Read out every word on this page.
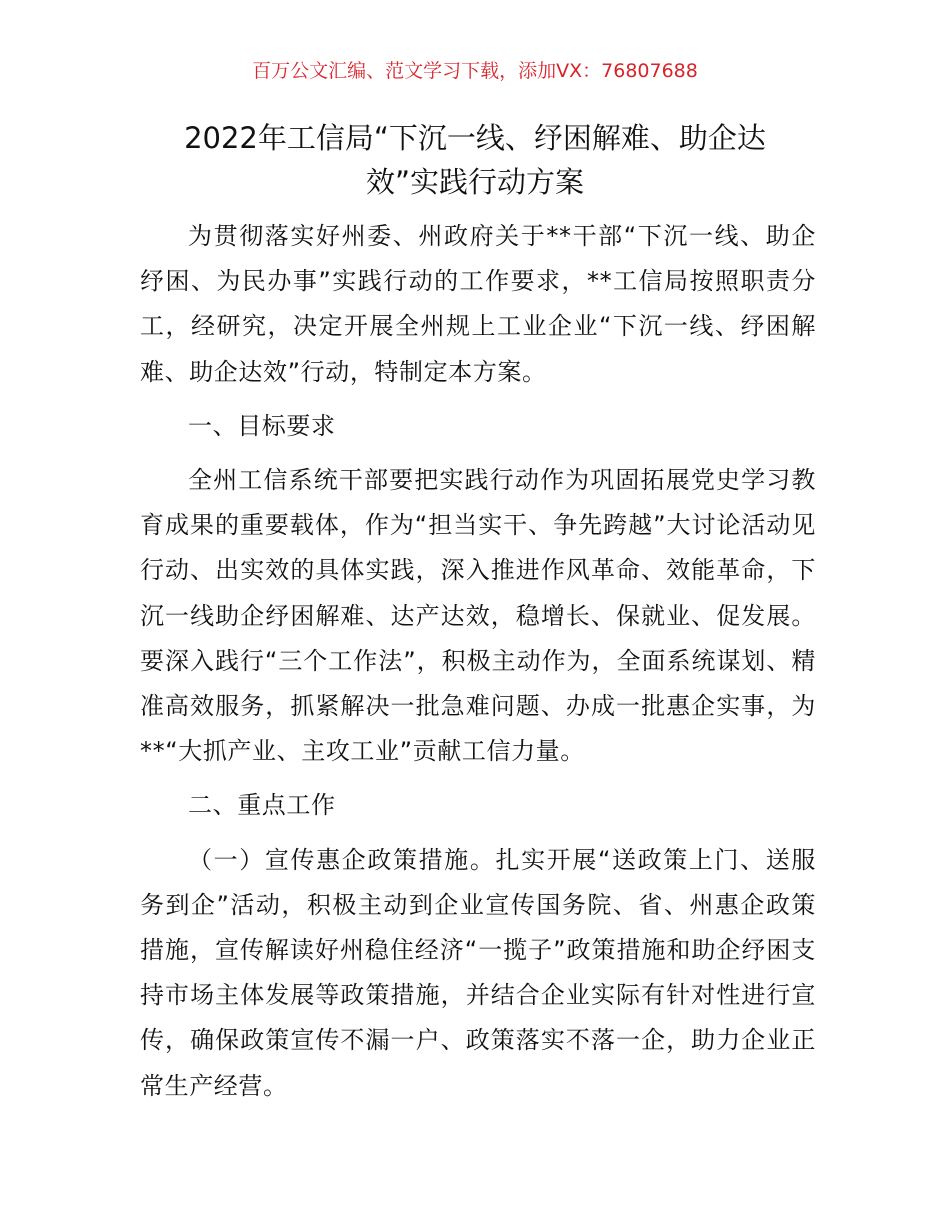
百万公文汇编、范文学习下载，添加VX：76807688
2022年工信局“下沉一线、纾困解难、助企达
效”实践行动方案

为贯彻落实好州委、州政府关于**干部“下沉一线、助企纾困、为民办事”实践行动的工作要求，**工信局按照职责分工，经研究，决定开展全州规上工业企业“下沉一线、纾困解难、助企达效”行动，特制定本方案。

一、目标要求

全州工信系统干部要把实践行动作为巩固拓展党史学习教育成果的重要载体，作为“担当实干、争先跨越”大讨论活动见行动、出实效的具体实践，深入推进作风革命、效能革命，下沉一线助企纾困解难、达产达效，稳增长、保就业、促发展。要深入践行“三个工作法”，积极主动作为，全面系统谋划、精准高效服务，抓紧解决一批急难问题、办成一批惠企实事，为**“大抓产业、主攻工业”贡献工信力量。

二、重点工作

（一）宣传惠企政策措施。扎实开展“送政策上门、送服务到企”活动，积极主动到企业宣传国务院、省、州惠企政策措施，宣传解读好州稳住经济“一揽子”政策措施和助企纾困支持市场主体发展等政策措施，并结合企业实际有针对性进行宣传，确保政策宣传不漏一户、政策落实不落一企，助力企业正常生产经营。
